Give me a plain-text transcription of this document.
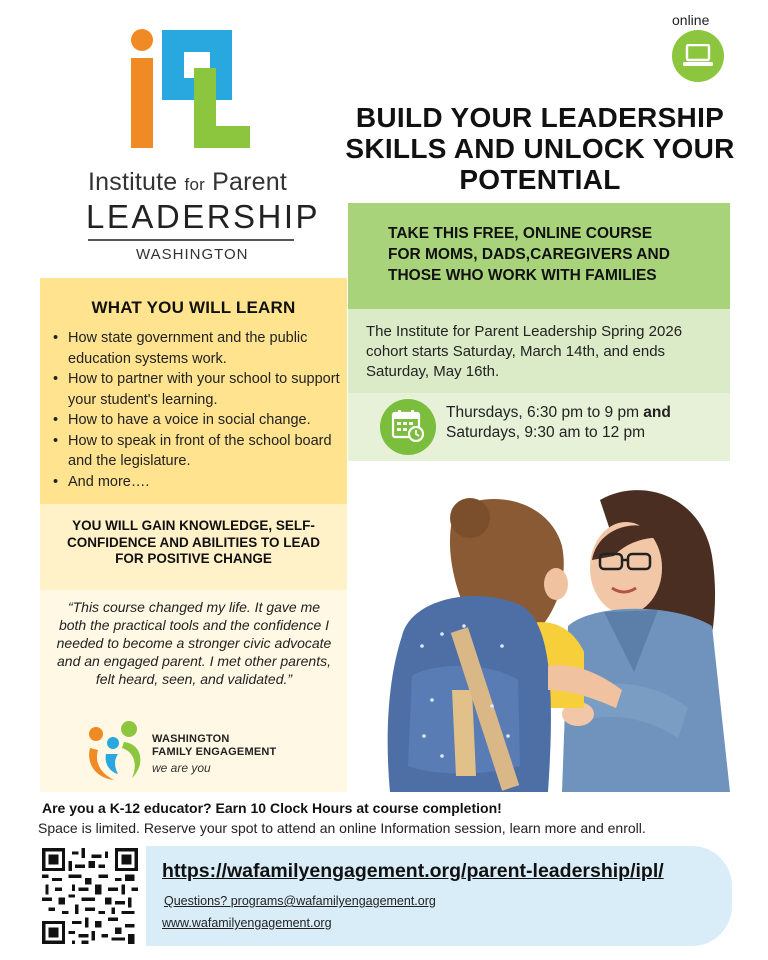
Institute for Parent
LEADERSHIP
WASHINGTON
online
BUILD YOUR LEADERSHIP SKILLS AND UNLOCK YOUR POTENTIAL
TAKE THIS FREE, ONLINE COURSE
FOR MOMS, DADS,CAREGIVERS AND
THOSE WHO WORK WITH FAMILIES
The Institute for Parent Leadership Spring 2026 cohort starts Saturday, March 14th, and ends Saturday, May 16th.
Thursdays, 6:30 pm to 9 pm and
Saturdays, 9:30 am to 12 pm
WHAT YOU WILL LEARN
• How state government and the public education systems work.
• How to partner with your school to support your student's learning.
• How to have a voice in social change.
• How to speak in front of the school board and the legislature.
• And more….
YOU WILL GAIN KNOWLEDGE, SELF-CONFIDENCE AND ABILITIES TO LEAD FOR POSITIVE CHANGE
“This course changed my life. It gave me both the practical tools and the confidence I needed to become a stronger civic advocate and an engaged parent. I met other parents, felt heard, seen, and validated.”
WASHINGTON
FAMILY ENGAGEMENT
we are you
Are you a K-12 educator? Earn 10 Clock Hours at course completion!
Space is limited. Reserve your spot to attend an online Information session, learn more and enroll.
https://wafamilyengagement.org/parent-leadership/ipl/
Questions? programs@wafamilyengagement.org
www.wafamilyengagement.org
